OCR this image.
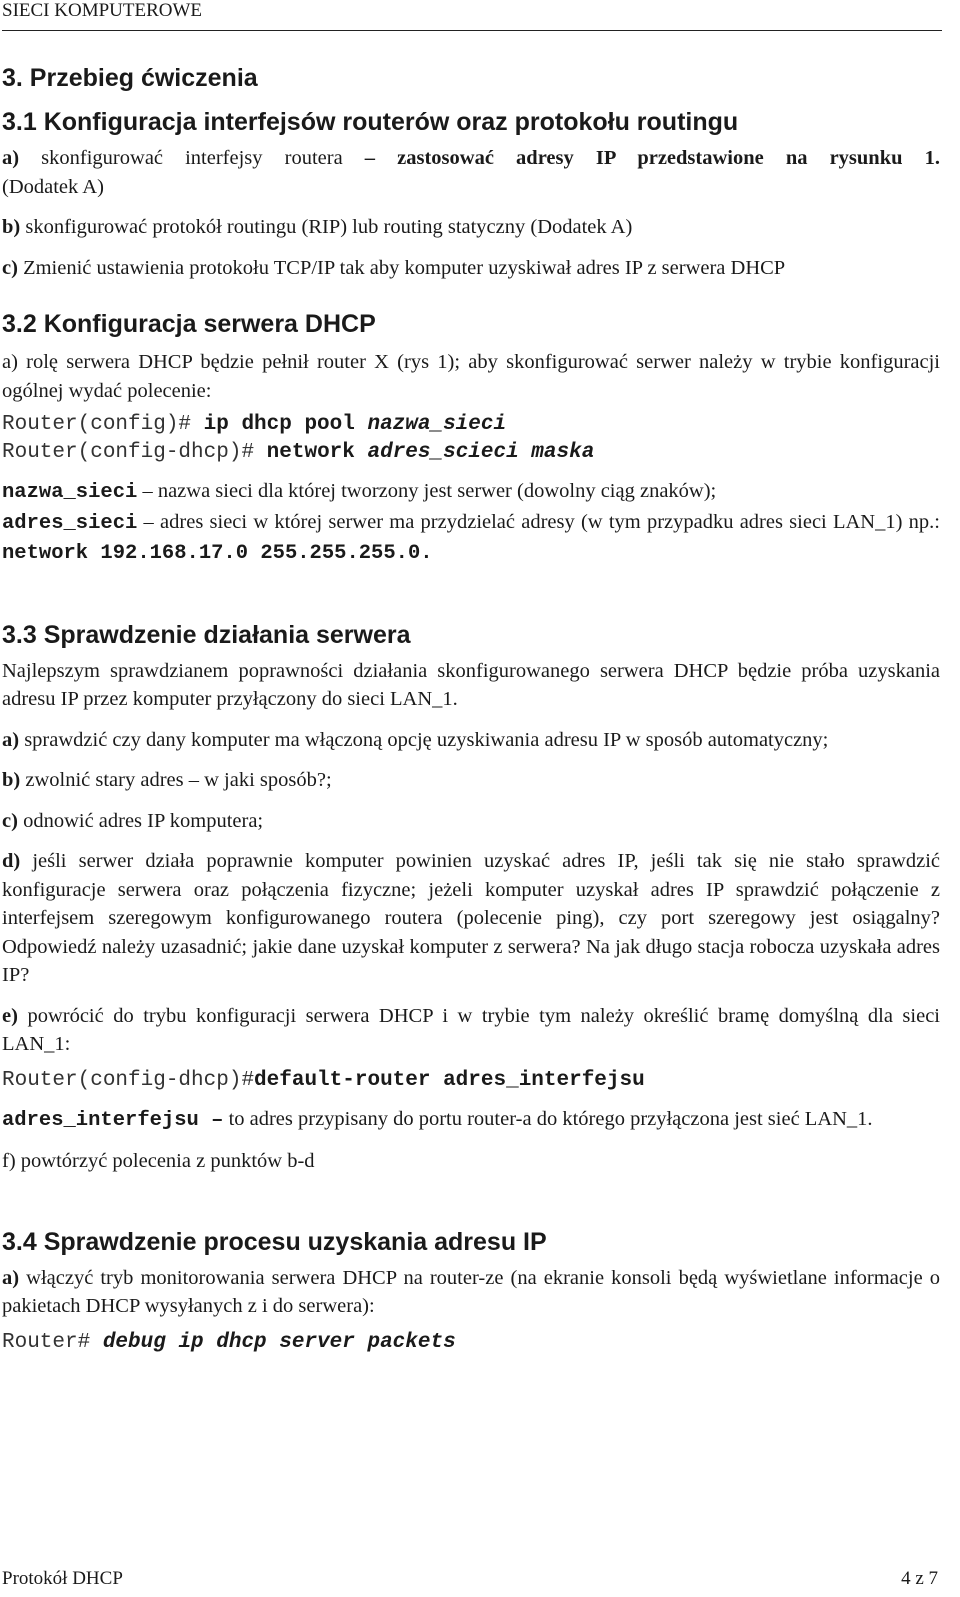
SIECI KOMPUTEROWE
3. Przebieg ćwiczenia
3.1 Konfiguracja interfejsów routerów oraz protokołu routingu

a) skonfigurować interfejsy routera – zastosować adresy IP przedstawione na rysunku 1.

(Dodatek A)

b) skonfigurować protokół routingu (RIP) lub routing statyczny (Dodatek A)

c) Zmienić ustawienia protokołu TCP/IP tak aby komputer uzyskiwał adres IP z serwera DHCP

3.2 Konfiguracja serwera DHCP

a) rolę serwera DHCP będzie pełnił router X (rys 1); aby skonfigurować serwer należy w trybie konfiguracji ogólnej wydać polecenie:

Router(config)# ip dhcp pool nazwa_sieci
Router(config-dhcp)# network adres_scieci maska

nazwa_sieci – nazwa sieci dla której tworzony jest serwer (dowolny ciąg znaków);

adres_sieci – adres sieci w której serwer ma przydzielać adresy (w tym przypadku adres sieci LAN_1) np.: network 192.168.17.0 255.255.255.0.

3.3 Sprawdzenie działania serwera

Najlepszym sprawdzianem poprawności działania skonfigurowanego serwera DHCP będzie próba uzyskania adresu IP przez komputer przyłączony do sieci LAN_1.

a) sprawdzić czy dany komputer ma włączoną opcję uzyskiwania adresu IP w sposób automatyczny;

b) zwolnić stary adres – w jaki sposób?;

c) odnowić adres IP komputera;

d) jeśli serwer działa poprawnie komputer powinien uzyskać adres IP, jeśli tak się nie stało sprawdzić konfiguracje serwera oraz połączenia fizyczne; jeżeli komputer uzyskał adres IP sprawdzić połączenie z interfejsem szeregowym konfigurowanego routera (polecenie ping), czy port szeregowy jest osiągalny? Odpowiedź należy uzasadnić; jakie dane uzyskał komputer z serwera? Na jak długo stacja robocza uzyskała adres IP?

e) powrócić do trybu konfiguracji serwera DHCP i w trybie tym należy określić bramę domyślną dla sieci LAN_1:

Router(config-dhcp)#default-router adres_interfejsu

adres_interfejsu – to adres przypisany do portu router-a do którego przyłączona jest sieć LAN_1.

f) powtórzyć polecenia z punktów b-d

3.4 Sprawdzenie procesu uzyskania adresu IP

a) włączyć tryb monitorowania serwera DHCP na router-ze (na ekranie konsoli będą wyświetlane informacje o pakietach DHCP wysyłanych z i do serwera):

Router# debug ip dhcp server packets
Protokół DHCP	4 z 7
